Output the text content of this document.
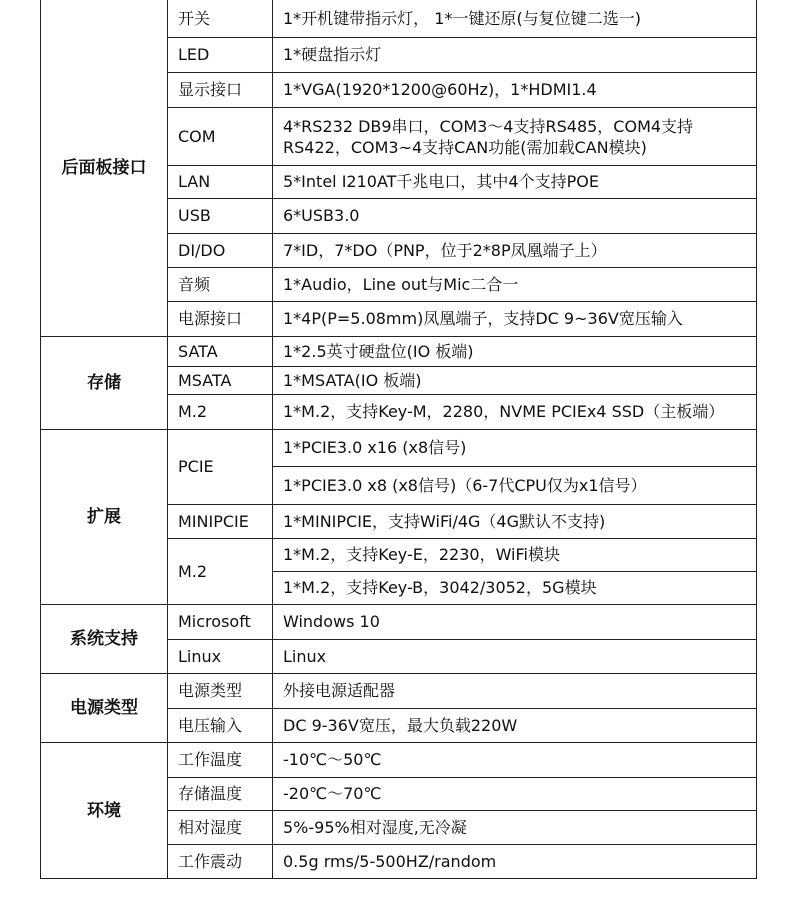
后面板接口	开关	1*开机键带指示灯， 1*一键还原(与复位键二选一)
	LED	1*硬盘指示灯
	显示接口	1*VGA(1920*1200@60Hz)，1*HDMI1.4
	COM	4*RS232 DB9串口，COM3～4支持RS485，COM4支持RS422，COM3~4支持CAN功能(需加载CAN模块)
	LAN	5*Intel I210AT千兆电口，其中4个支持POE
	USB	6*USB3.0
	DI/DO	7*ID，7*DO（PNP，位于2*8P凤凰端子上）
	音频	1*Audio，Line out与Mic二合一
	电源接口	1*4P(P=5.08mm)凤凰端子，支持DC 9~36V宽压输入
存储	SATA	1*2.5英寸硬盘位(IO 板端)
	MSATA	1*MSATA(IO 板端)
	M.2	1*M.2，支持Key-M，2280，NVME PCIEx4 SSD（主板端）
扩展	PCIE	1*PCIE3.0 x16 (x8信号)
		1*PCIE3.0 x8 (x8信号)（6-7代CPU仅为x1信号）
	MINIPCIE	1*MINIPCIE，支持WiFi/4G（4G默认不支持)
	M.2	1*M.2，支持Key-E，2230，WiFi模块
		1*M.2，支持Key-B，3042/3052，5G模块

系统支持	Microsoft	Windows 10
	Linux	Linux
电源类型	电源类型	外接电源适配器
	电压输入	DC 9-36V宽压，最大负载220W
环境	工作温度	-10℃～50℃
	存储温度	-20℃～70℃
	相对湿度	5%-95%相对湿度,无冷凝
	工作震动	0.5g rms/5-500HZ/random
